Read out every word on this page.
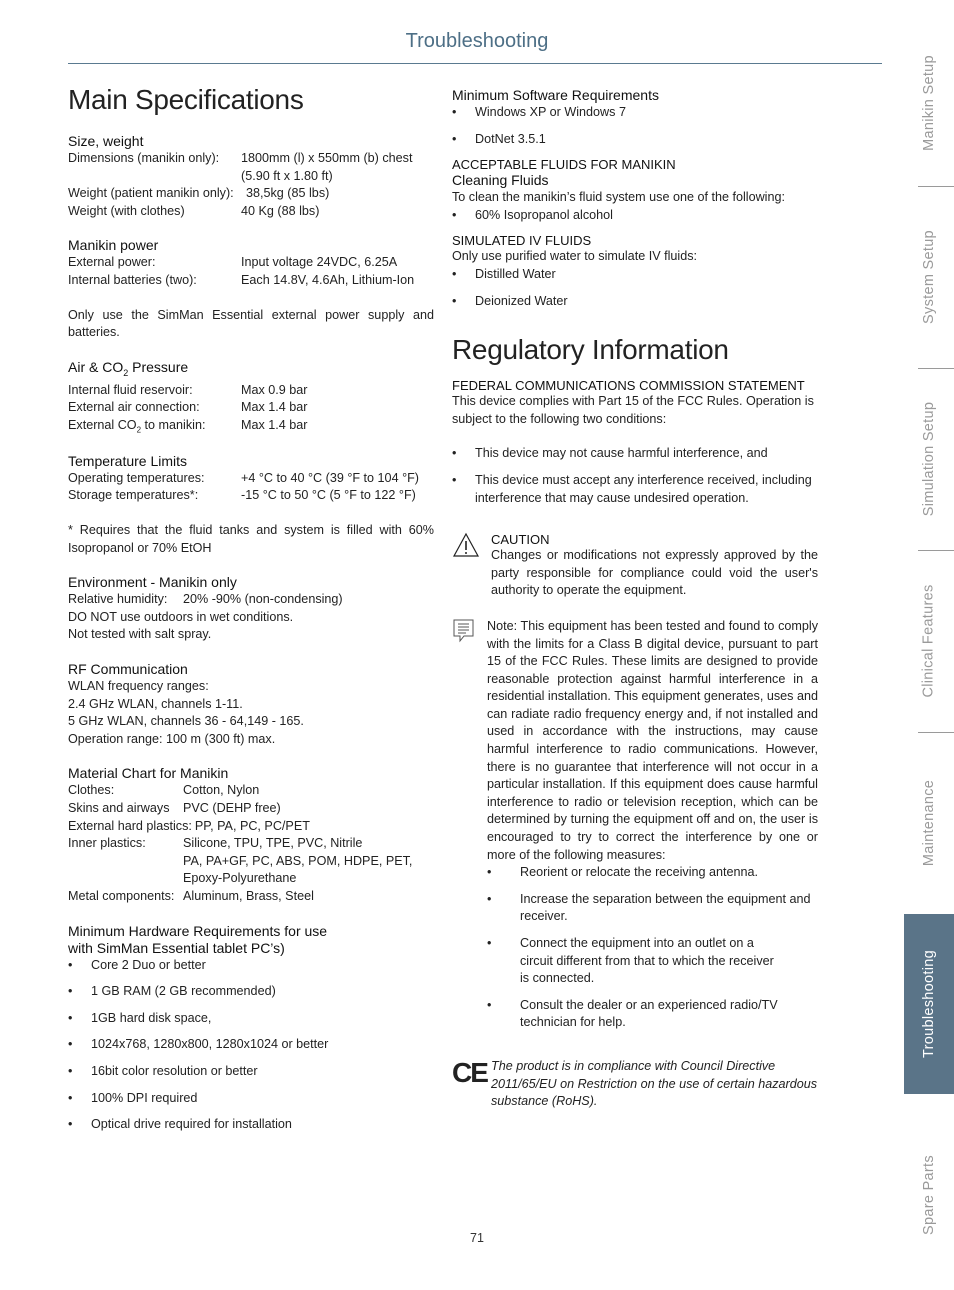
Troubleshooting
Main Specifications
Size, weight
Dimensions (manikin only):	1800mm (l) x 550mm (b) chest
(5.90 ft x 1.80 ft)
Weight (patient manikin only): 38,5kg (85 lbs)
Weight (with clothes)	40 Kg (88 lbs)
Manikin power
External power:	Input voltage 24VDC, 6.25A
Internal batteries (two):	Each 14.8V, 4.6Ah, Lithium-Ion
Only use the SimMan Essential external power supply and batteries.
Air & $CO_2$ Pressure
Internal fluid reservoir:	Max 0.9 bar
External air connection:	Max 1.4 bar
External $CO_2$ to manikin:	Max 1.4 bar
Temperature Limits
Operating temperatures:	+4 °C to 40 °C (39 °F to 104 °F)
Storage temperatures*:	-15 °C to 50 °C (5 °F to 122 °F)
* Requires that the fluid tanks and system is filled with 60% Isopropanol or 70% EtOH
Environment - Manikin only
Relative humidity:	20% -90% (non-condensing)
DO NOT use outdoors in wet conditions.
Not tested with salt spray.
RF Communication
WLAN frequency ranges:
2.4 GHz WLAN, channels 1-11.
5 GHz WLAN, channels 36 - 64,149 - 165.
Operation range: 100 m (300 ft) max.
Material Chart for Manikin
Clothes:	Cotton, Nylon
Skins and airways	PVC (DEHP free)
External hard plastics: PP, PA, PC, PC/PET
Inner plastics:	Silicone, TPU, TPE, PVC, Nitrile
PA, PA+GF, PC, ABS, POM, HDPE, PET,
Epoxy-Polyurethane
Metal components: Aluminum, Brass, Steel
Minimum Hardware Requirements for use
with SimMan Essential tablet PC’s)
•	Core 2 Duo or better
•	1 GB RAM (2 GB recommended)
•	1GB hard disk space,
•	1024x768, 1280x800, 1280x1024 or better
•	16bit color resolution or better
•	100% DPI required
•	Optical drive required for installation
Minimum Software Requirements
•	Windows XP or Windows 7
•	DotNet 3.5.1
ACCEPTABLE FLUIDS FOR MANIKIN
Cleaning Fluids
To clean the manikin’s fluid system use one of the following:
•	60% Isopropanol alcohol
SIMULATED IV FLUIDS
Only use purified water to simulate IV fluids:
•	Distilled Water
•	Deionized Water
Regulatory Information
FEDERAL COMMUNICATIONS COMMISSION STATEMENT
This device complies with Part 15 of the FCC Rules. Operation is subject to the following two conditions:
•	This device may not cause harmful interference, and
•	This device must accept any interference received, including interference that may cause undesired operation.
CAUTION
Changes or modifications not expressly approved by the party responsible for compliance could void the user's authority to operate the equipment.
Note: This equipment has been tested and found to comply with the limits for a Class B digital device, pursuant to part 15 of the FCC Rules. These limits are designed to provide reasonable protection against harmful interference in a residential installation. This equipment generates, uses and can radiate radio frequency energy and, if not installed and used in accordance with the instructions, may cause harmful interference to radio communications. However, there is no guarantee that interference will not occur in a particular installation. If this equipment does cause harmful interference to radio or television reception, which can be determined by turning the equipment off and on, the user is encouraged to try to correct the interference by one or more of the following measures:
•	Reorient or relocate the receiving antenna.
•	Increase the separation between the equipment and receiver.
•	Connect the equipment into an outlet on a circuit different from that to which the receiver is connected.
•	Consult the dealer or an experienced radio/TV technician for help.
CE The product is in compliance with Council Directive 2011/65/EU on Restriction on the use of certain hazardous substance (RoHS).
Manikin Setup
System Setup
Simulation Setup
Clinical Features
Maintenance
Troubleshooting
Spare Parts
71
